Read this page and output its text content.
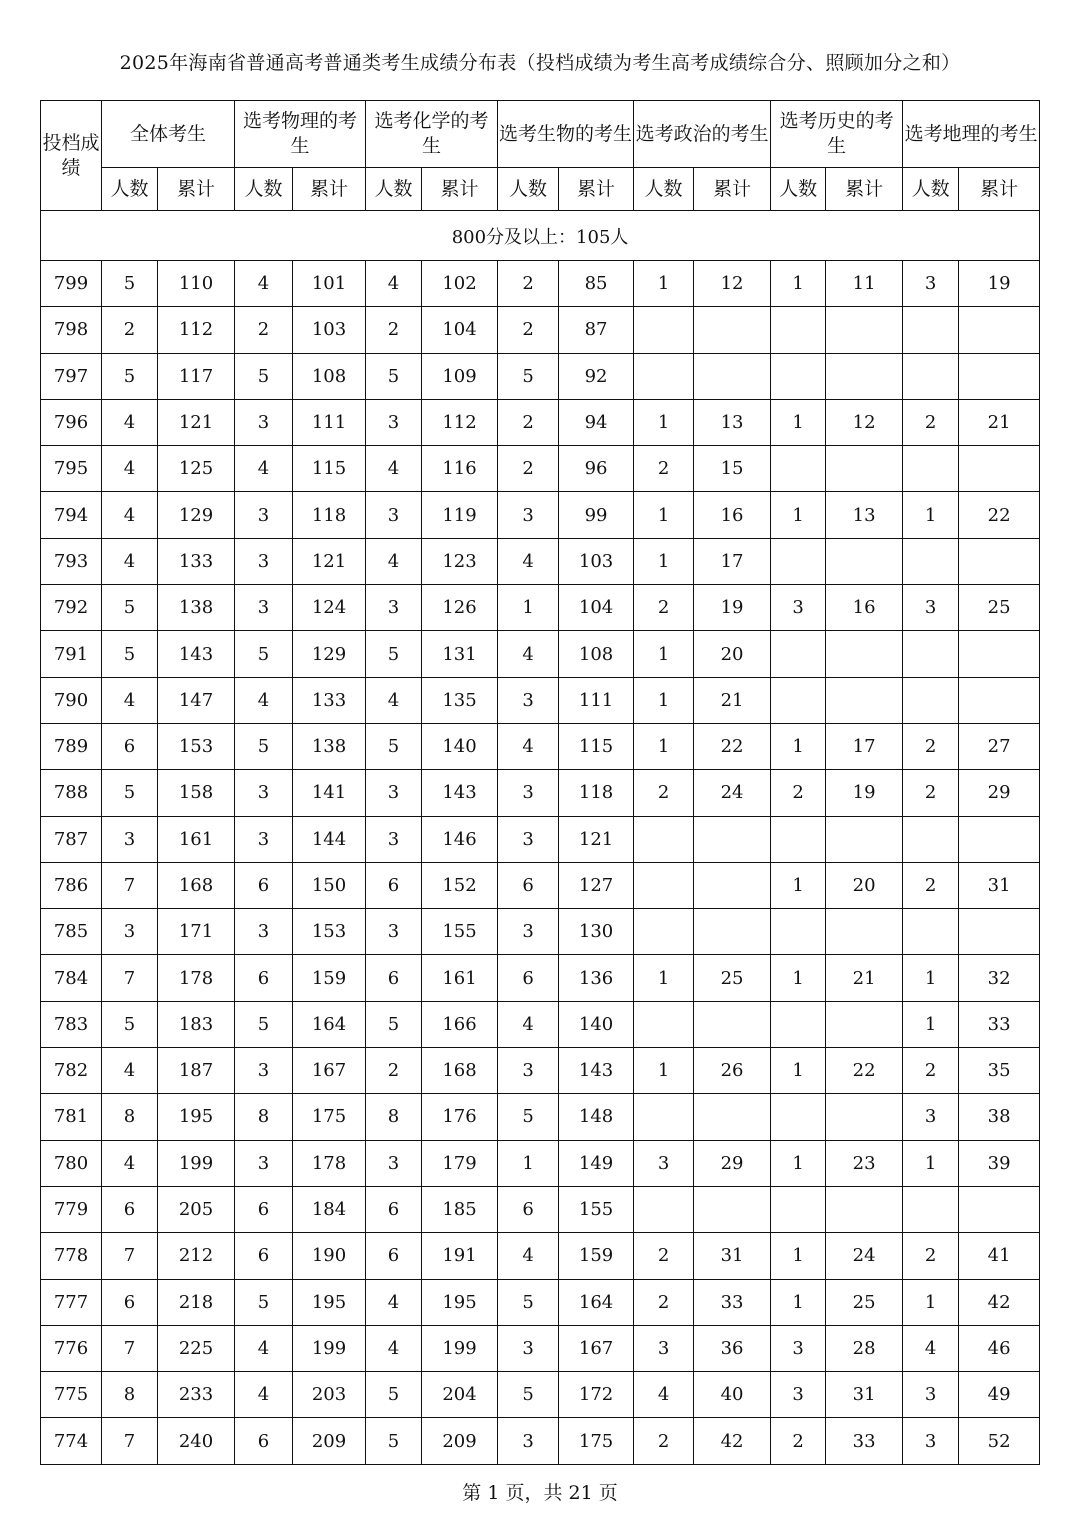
2025年海南省普通高考普通类考生成绩分布表（投档成绩为考生高考成绩综合分、照顾加分之和）
投档成绩	全体考生		选考物理的考生		选考化学的考生		选考生物的考生		选考政治的考生		选考历史的考生		选考地理的考生	
	人数	累计	人数	累计	人数	累计	人数	累计	人数	累计	人数	累计	人数	累计
800分及以上：105人														
799	5	110	4	101	4	102	2	85	1	12	1	11	3	19
798	2	112	2	103	2	104	2	87						
797	5	117	5	108	5	109	5	92						
796	4	121	3	111	3	112	2	94	1	13	1	12	2	21
795	4	125	4	115	4	116	2	96	2	15				
794	4	129	3	118	3	119	3	99	1	16	1	13	1	22
793	4	133	3	121	4	123	4	103	1	17				
792	5	138	3	124	3	126	1	104	2	19	3	16	3	25
791	5	143	5	129	5	131	4	108	1	20				
790	4	147	4	133	4	135	3	111	1	21				
789	6	153	5	138	5	140	4	115	1	22	1	17	2	27
788	5	158	3	141	3	143	3	118	2	24	2	19	2	29
787	3	161	3	144	3	146	3	121						
786	7	168	6	150	6	152	6	127			1	20	2	31
785	3	171	3	153	3	155	3	130						
784	7	178	6	159	6	161	6	136	1	25	1	21	1	32
783	5	183	5	164	5	166	4	140					1	33
782	4	187	3	167	2	168	3	143	1	26	1	22	2	35
781	8	195	8	175	8	176	5	148					3	38
780	4	199	3	178	3	179	1	149	3	29	1	23	1	39
779	6	205	6	184	6	185	6	155						
778	7	212	6	190	6	191	4	159	2	31	1	24	2	41
777	6	218	5	195	4	195	5	164	2	33	1	25	1	42
776	7	225	4	199	4	199	3	167	3	36	3	28	4	46
775	8	233	4	203	5	204	5	172	4	40	3	31	3	49
774	7	240	6	209	5	209	3	175	2	42	2	33	3	52
第 1 页，共 21 页
